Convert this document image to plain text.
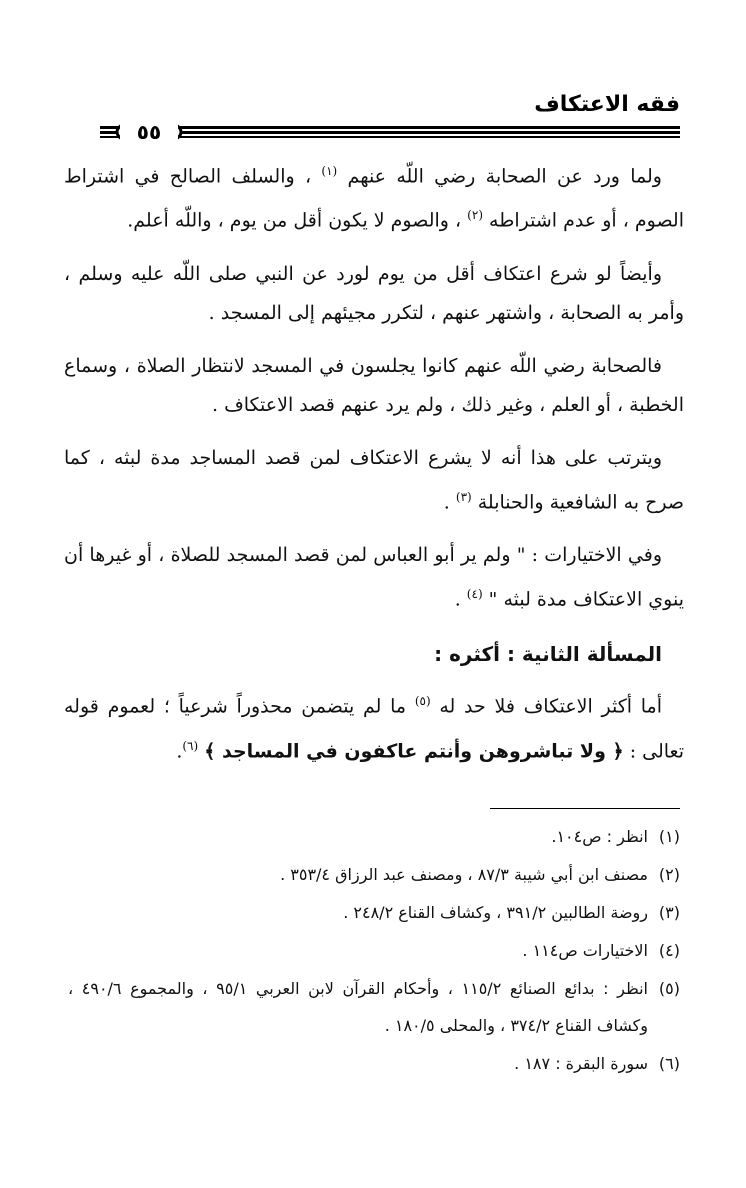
فقه الاعتكاف
٥٥

ولما ورد عن الصحابة رضي اللّه عنهم $^{(١)}$ ، والسلف الصالح في اشتراط الصوم ، أو عدم اشتراطه $^{(٢)}$ ، والصوم لا يكون أقل من يوم ، واللّه أعلم.

وأيضاً لو شرع اعتكاف أقل من يوم لورد عن النبي صلى اللّه عليه وسلم ، وأمر به الصحابة ، واشتهر عنهم ، لتكرر مجيئهم إلى المسجد .

فالصحابة رضي اللّه عنهم كانوا يجلسون في المسجد لانتظار الصلاة ، وسماع الخطبة ، أو العلم ، وغير ذلك ، ولم يرد عنهم قصد الاعتكاف .

ويترتب على هذا أنه لا يشرع الاعتكاف لمن قصد المساجد مدة لبثه ، كما صرح به الشافعية والحنابلة $^{(٣)}$ .

وفي الاختيارات : " ولم ير أبو العباس لمن قصد المسجد للصلاة ، أو غيرها أن ينوي الاعتكاف مدة لبثه " $^{(٤)}$ .

المسألة الثانية : أكثره :

أما أكثر الاعتكاف فلا حد له $^{(٥)}$ ما لم يتضمن محذوراً شرعياً ؛ لعموم قوله تعالى : ﴿ ولا تباشروهن وأنتم عاكفون في المساجد ﴾ $^{(٦)}$.

(١)
انظر : ص١٠٤.
(٢)
مصنف ابن أبي شيبة ٨٧/٣ ، ومصنف عبد الرزاق ٣٥٣/٤ .
(٣)
روضة الطالبين ٣٩١/٢ ، وكشاف القناع ٢٤٨/٢ .
(٤)
الاختيارات ص١١٤ .
(٥)
انظر : بدائع الصنائع ١١٥/٢ ، وأحكام القرآن لابن العربي ٩٥/١ ، والمجموع ٤٩٠/٦ ، وكشاف القناع ٣٧٤/٢ ، والمحلى ١٨٠/٥ .
(٦)
سورة البقرة : ١٨٧ .
